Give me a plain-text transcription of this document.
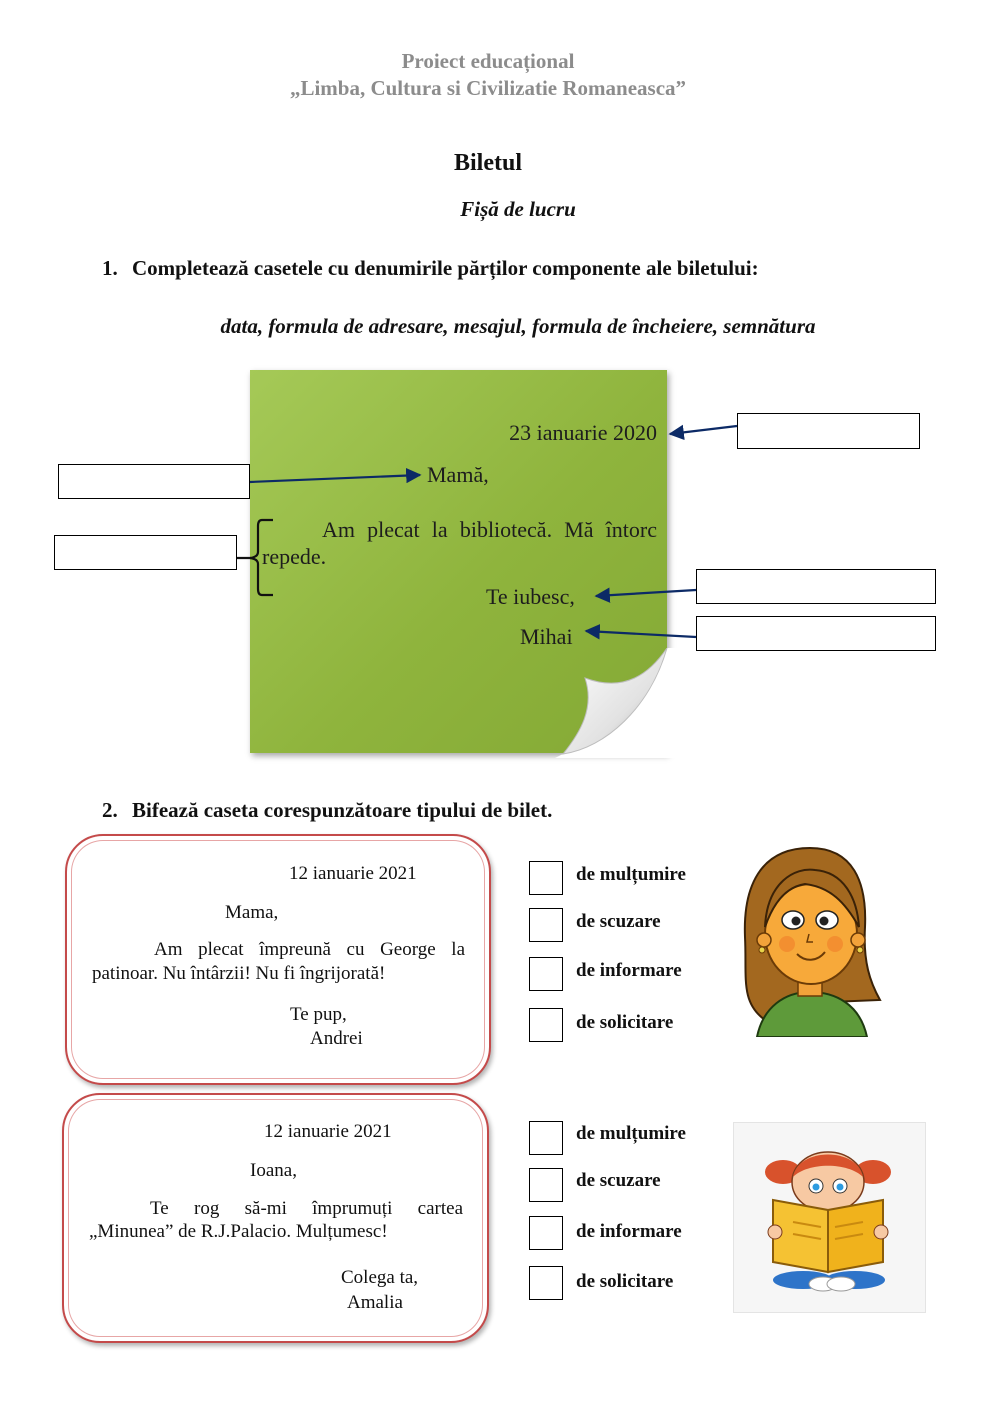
Proiect educațional
„Limba, Cultura si Civilizatie Romaneasca”
Biletul
Fișă de lucru
1. Completează casetele cu denumirile părților componente ale biletului:
data, formula de adresare, mesajul, formula de încheiere, semnătura
23 ianuarie 2020
Mamă,
Am plecat la bibliotecă. Mă întorc
repede.
Te iubesc,
Mihai
2. Bifează caseta corespunzătoare tipului de bilet.
12 ianuarie 2021
Mama,
Am plecat împreună cu George la
patinoar. Nu întârzii! Nu fi îngrijorată!
Te pup,
Andrei
12 ianuarie 2021
Ioana,
Te rog să-mi împrumuți cartea
„Minunea” de R.J.Palacio. Mulțumesc!
Colega ta,
Amalia
de mulțumire
de scuzare
de informare
de solicitare
de mulțumire
de scuzare
de informare
de solicitare
